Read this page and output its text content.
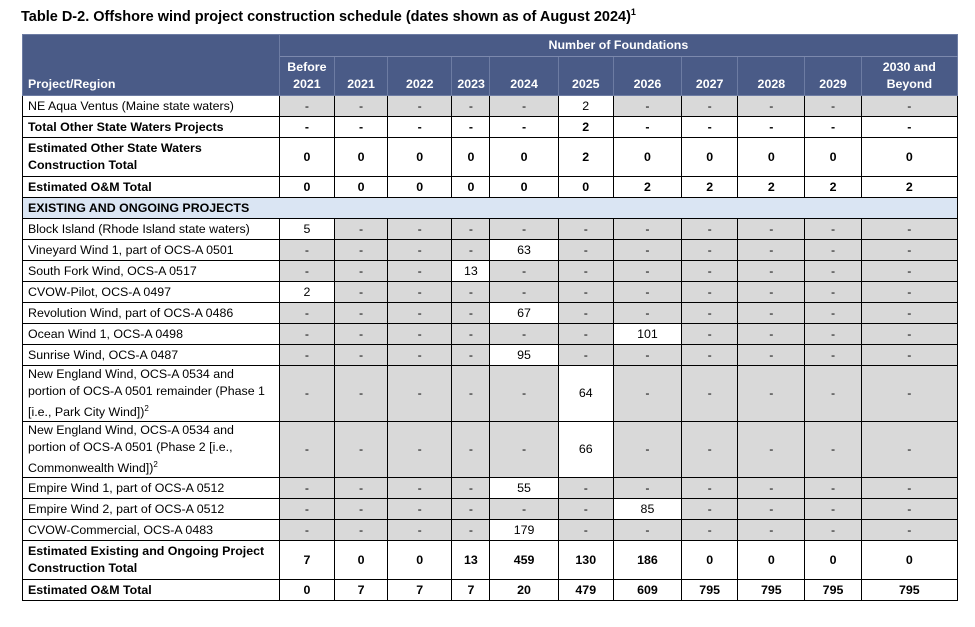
Table D-2. Offshore wind project construction schedule (dates shown as of August 2024)$^1$
	Number of Foundations										
Project/Region	Before 2021	2021	2022	2023	2024	2025	2026	2027	2028	2029	2030 and Beyond
NE Aqua Ventus (Maine state waters)	-	-	-	-	-	2	-	-	-	-	-
Total Other State Waters Projects	-	-	-	-	-	2	-	-	-	-	-
Estimated Other State Waters Construction Total	0	0	0	0	0	2	0	0	0	0	0
Estimated O&M Total	0	0	0	0	0	0	2	2	2	2	2
EXISTING AND ONGOING PROJECTS											
Block Island (Rhode Island state waters)	5	-	-	-	-	-	-	-	-	-	-
Vineyard Wind 1, part of OCS-A 0501	-	-	-	-	63	-	-	-	-	-	-
South Fork Wind, OCS-A 0517	-	-	-	13	-	-	-	-	-	-	-
CVOW-Pilot, OCS-A 0497	2	-	-	-	-	-	-	-	-	-	-
Revolution Wind, part of OCS-A 0486	-	-	-	-	67	-	-	-	-	-	-
Ocean Wind 1, OCS-A 0498	-	-	-	-	-	-	101	-	-	-	-
Sunrise Wind, OCS-A 0487	-	-	-	-	95	-	-	-	-	-	-
New England Wind, OCS-A 0534 and portion of OCS-A 0501 remainder (Phase 1 [i.e., Park City Wind])$^2$	-	-	-	-	-	64	-	-	-	-	-
New England Wind, OCS-A 0534 and portion of OCS-A 0501 (Phase 2 [i.e., Commonwealth Wind])$^2$	-	-	-	-	-	66	-	-	-	-	-
Empire Wind 1, part of OCS-A 0512	-	-	-	-	55	-	-	-	-	-	-
Empire Wind 2, part of OCS-A 0512	-	-	-	-	-	-	85	-	-	-	-
CVOW-Commercial, OCS-A 0483	-	-	-	-	179	-	-	-	-	-	-
Estimated Existing and Ongoing Project Construction Total	7	0	0	13	459	130	186	0	0	0	0
Estimated O&M Total	0	7	7	7	20	479	609	795	795	795	795
